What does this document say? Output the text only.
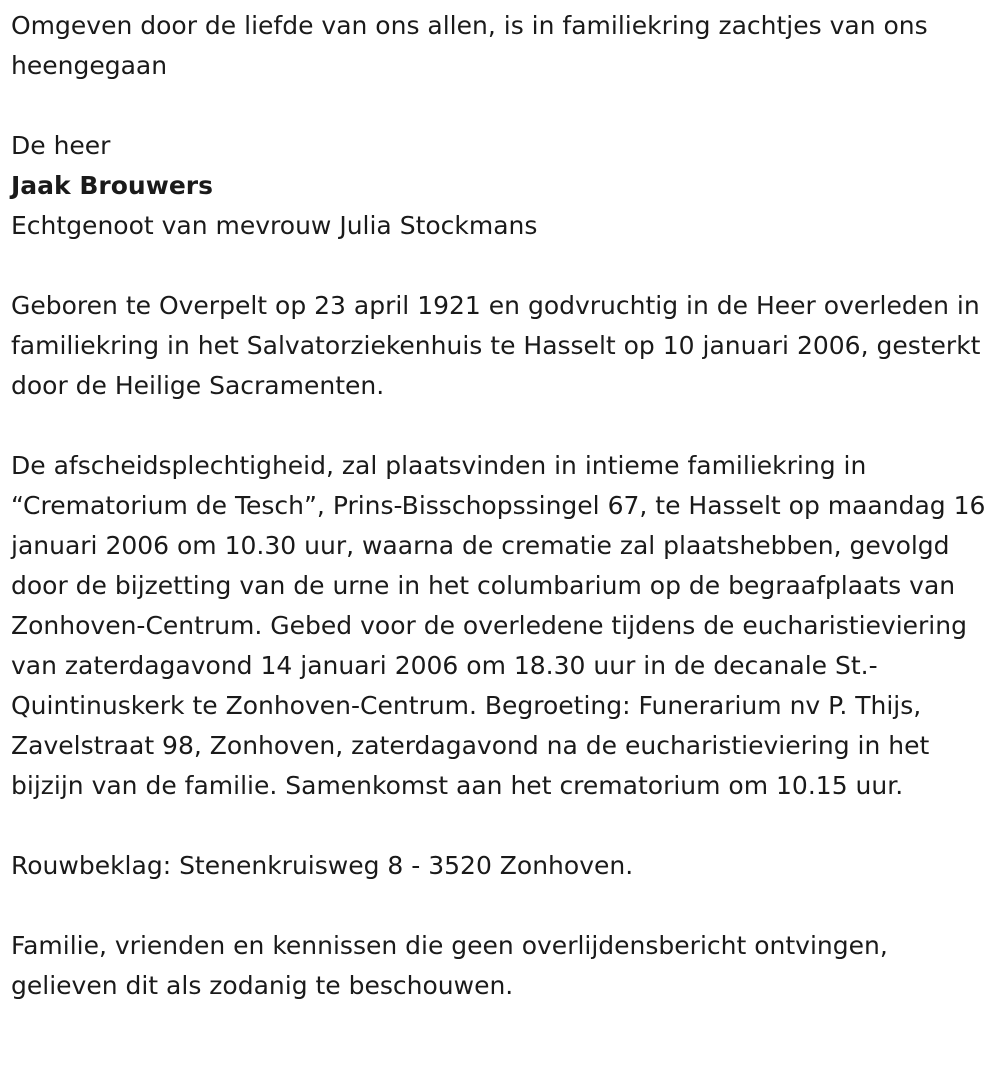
Omgeven door de liefde van ons allen, is in familiekring zachtjes van ons heengegaan

De heer

Jaak Brouwers

Echtgenoot van mevrouw Julia Stockmans

Geboren te Overpelt op 23 april 1921 en godvruchtig in de Heer overleden in familiekring in het Salvatorziekenhuis te Hasselt op 10 januari 2006, gesterkt door de Heilige Sacramenten.

De afscheidsplechtigheid, zal plaatsvinden in intieme familiekring in “Crematorium de Tesch”, Prins-Bisschopssingel 67, te Hasselt op maandag 16 januari 2006 om 10.30 uur, waarna de crematie zal plaatshebben, gevolgd door de bijzetting van de urne in het columbarium op de begraafplaats van Zonhoven-Centrum. Gebed voor de overledene tijdens de eucharistieviering van zaterdagavond 14 januari 2006 om 18.30 uur in de decanale St.-Quintinuskerk te Zonhoven-Centrum. Begroeting: Funerarium nv P. Thijs, Zavelstraat 98, Zonhoven, zaterdagavond na de eucharistieviering in het bijzijn van de familie. Samenkomst aan het crematorium om 10.15 uur.

Rouwbeklag: Stenenkruisweg 8 - 3520 Zonhoven.

Familie, vrienden en kennissen die geen overlijdensbericht ontvingen, gelieven dit als zodanig te beschouwen.
